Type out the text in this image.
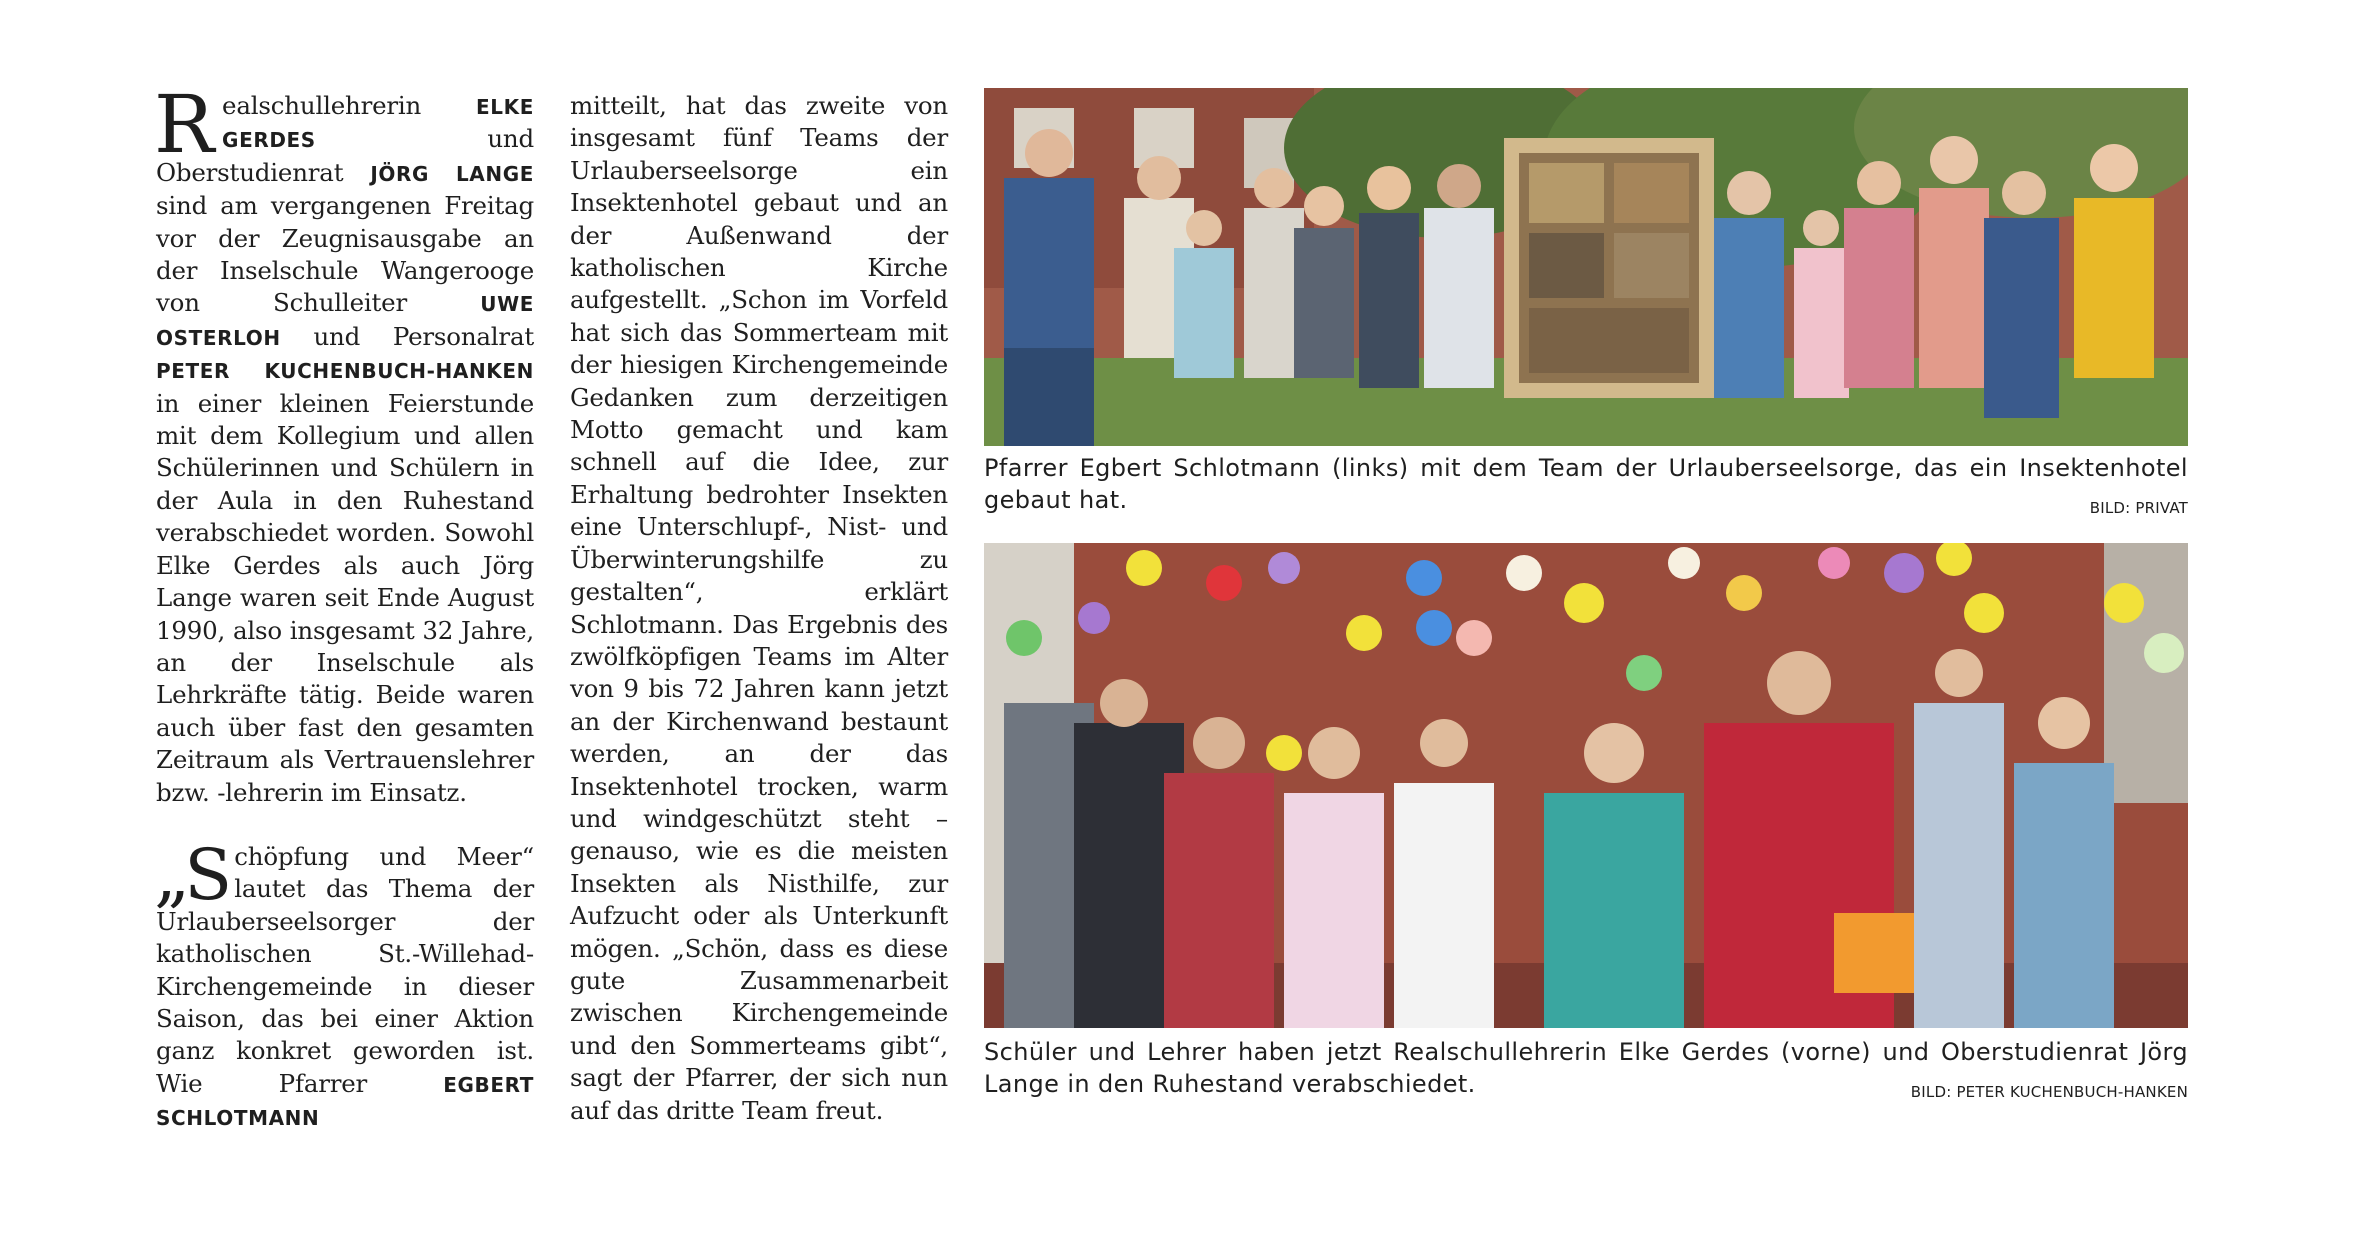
Realschullehrerin ELKE GERDES und Oberstudienrat JÖRG LANGE sind am vergangenen Freitag vor der Zeugnisausgabe an der Inselschule Wangerooge von Schulleiter UWE OSTERLOH und Personalrat PETER KUCHENBUCH-HANKEN in einer kleinen Feierstunde mit dem Kollegium und allen Schülerinnen und Schülern in der Aula in den Ruhestand verabschiedet worden. Sowohl Elke Gerdes als auch Jörg Lange waren seit Ende August 1990, also insgesamt 32 Jahre, an der Inselschule als Lehrkräfte tätig. Beide waren auch über fast den gesamten Zeitraum als Vertrauenslehrer bzw. -lehrerin im Einsatz.

„Schöpfung und Meer“ lautet das Thema der Urlauberseelsorger der katholischen St.-Willehad-Kirchengemeinde in dieser Saison, das bei einer Aktion ganz konkret geworden ist. Wie Pfarrer EGBERT SCHLOTMANN

mitteilt, hat das zweite von insgesamt fünf Teams der Urlauberseelsorge ein Insektenhotel gebaut und an der Außenwand der katholischen Kirche aufgestellt. „Schon im Vorfeld hat sich das Sommerteam mit der hiesigen Kirchengemeinde Gedanken zum derzeitigen Motto gemacht und kam schnell auf die Idee, zur Erhaltung bedrohter Insekten eine Unterschlupf-, Nist- und Überwinterungshilfe zu gestalten“, erklärt Schlotmann. Das Ergebnis des zwölfköpfigen Teams im Alter von 9 bis 72 Jahren kann jetzt an der Kirchenwand bestaunt werden, an der das Insektenhotel trocken, warm und windgeschützt steht – genauso, wie es die meisten Insekten als Nisthilfe, zur Aufzucht oder als Unterkunft mögen. „Schön, dass es diese gute Zusammenarbeit zwischen Kirchengemeinde und den Sommerteams gibt“, sagt der Pfarrer, der sich nun auf das dritte Team freut.

Pfarrer Egbert Schlotmann (links) mit dem Team der Urlauberseelsorge, das ein Insektenhotel gebaut hat.	BILD: PRIVAT
Schüler und Lehrer haben jetzt Realschullehrerin Elke Gerdes (vorne) und Oberstudienrat Jörg Lange in den Ruhestand verabschiedet.	BILD: PETER KUCHENBUCH-HANKEN
